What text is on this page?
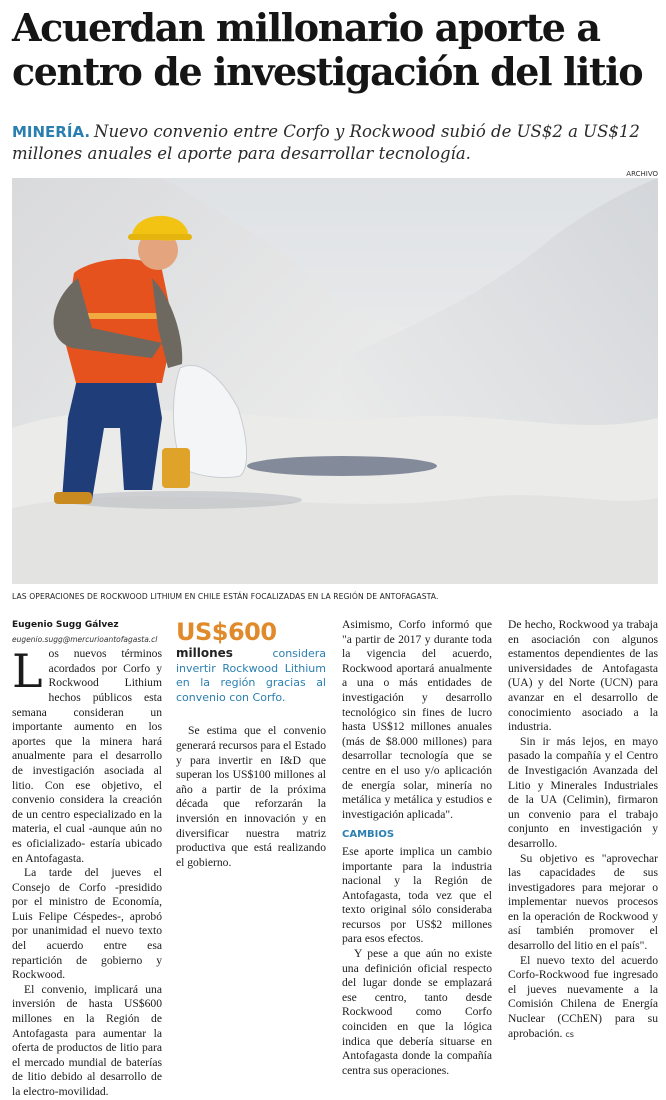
Acuerdan millonario aporte a centro de investigación del litio

MINERÍA. Nuevo convenio entre Corfo y Rockwood subió de US$2 a US$12 millones anuales el aporte para desarrollar tecnología.

ARCHIVO

LAS OPERACIONES DE ROCKWOOD LITHIUM EN CHILE ESTÁN FOCALIZADAS EN LA REGIÓN DE ANTOFAGASTA.

Eugenio Sugg Gálvez

eugenio.sugg@mercurioantofagasta.cl

Los nuevos términos acordados por Corfo y Rockwood Lithium hechos públicos esta semana consideran un importante aumento en los aportes que la minera hará anualmente para el desarrollo de investigación asociada al litio. Con ese objetivo, el convenio considera la creación de un centro especializado en la materia, el cual -aunque aún no es oficializado- estaría ubicado en Antofagasta.

La tarde del jueves el Consejo de Corfo -presidido por el ministro de Economía, Luis Felipe Céspedes-, aprobó por unanimidad el nuevo texto del acuerdo entre esa repartición de gobierno y Rockwood.

El convenio, implicará una inversión de hasta US$600 millones en la Región de Antofagasta para aumentar la oferta de productos de litio para el mercado mundial de baterías de litio debido al desarrollo de la electro-movilidad.

US$600
millones	considera invertir Rockwood Lithium en la región gracias al convenio con Corfo.

Se estima que el convenio generará recursos para el Estado y para invertir en I&D que superan los US$100 millones al año a partir de la próxima década que reforzarán la inversión en innovación y en diversificar nuestra matriz productiva que está realizando el gobierno.

Asimismo, Corfo informó que "a partir de 2017 y durante toda la vigencia del acuerdo, Rockwood aportará anualmente a una o más entidades de investigación y desarrollo tecnológico sin fines de lucro hasta US$12 millones anuales (más de $8.000 millones) para desarrollar tecnología que se centre en el uso y/o aplicación de energía solar, minería no metálica y metálica y estudios e investigación aplicada".

CAMBIOS

Ese aporte implica un cambio importante para la industria nacional y la Región de Antofagasta, toda vez que el texto original sólo consideraba recursos por US$2 millones para esos efectos.

Y pese a que aún no existe una definición oficial respecto del lugar donde se emplazará ese centro, tanto desde Rockwood como Corfo coinciden en que la lógica indica que debería situarse en Antofagasta donde la compañía centra sus operaciones.

De hecho, Rockwood ya trabaja en asociación con algunos estamentos dependientes de las universidades de Antofagasta (UA) y del Norte (UCN) para avanzar en el desarrollo de conocimiento asociado a la industria.

Sin ir más lejos, en mayo pasado la compañía y el Centro de Investigación Avanzada del Litio y Minerales Industriales de la UA (Celimin), firmaron un convenio para el trabajo conjunto en investigación y desarrollo.

Su objetivo es "aprovechar las capacidades de sus investigadores para mejorar o implementar nuevos procesos en la operación de Rockwood y así también promover el desarrollo del litio en el país".

El nuevo texto del acuerdo Corfo-Rockwood fue ingresado el jueves nuevamente a la Comisión Chilena de Energía Nuclear (CChEN) para su aprobación. cs
